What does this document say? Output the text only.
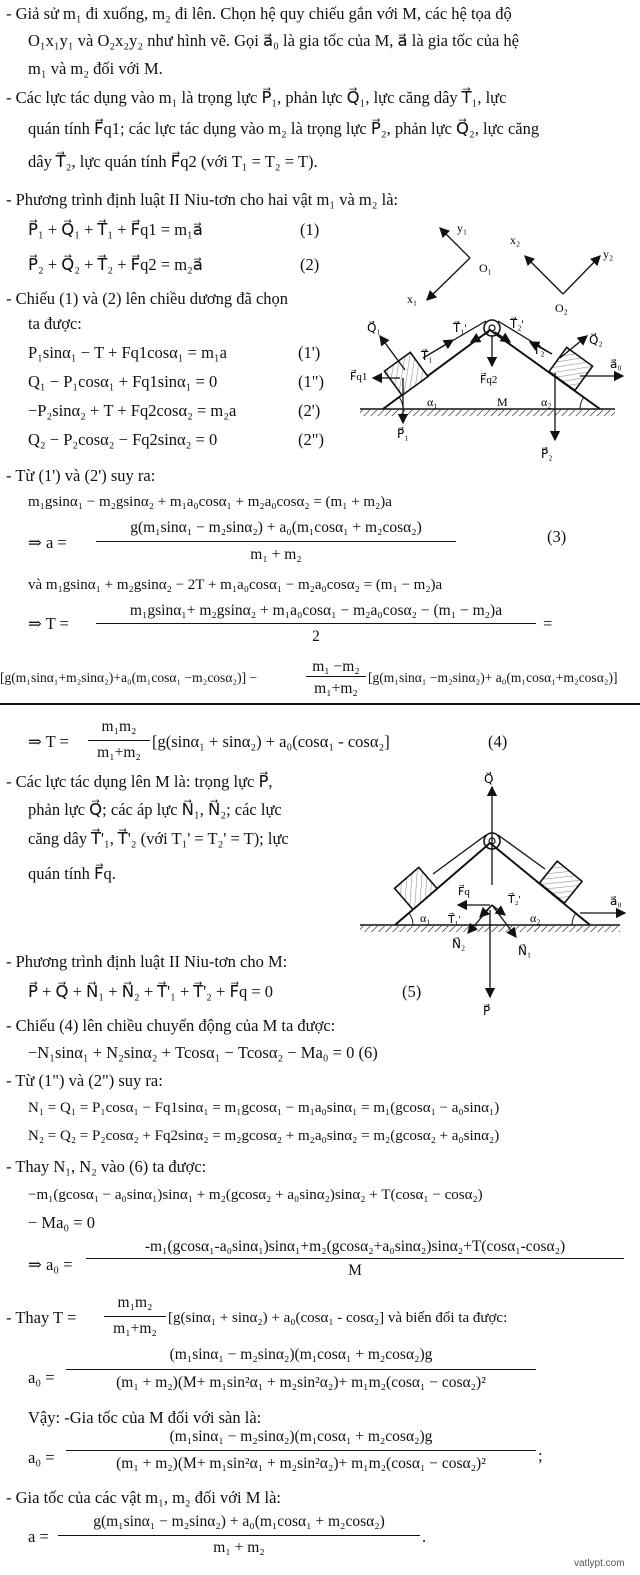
- Giả sử m₁ đi xuống, m₂ đi lên. Chọn hệ quy chiếu gắn với M, các hệ tọa độ
O₁x₁y₁ và O₂x₂y₂ như hình vẽ. Gọi a⃗₀ là gia tốc của M, a⃗ là gia tốc của hệ
m₁ và m₂ đối với M.
- Các lực tác dụng vào m₁ là trọng lực P⃗₁, phản lực Q⃗₁, lực căng dây T⃗₁, lực
quán tính F⃗q1; các lực tác dụng vào m₂ là trọng lực P⃗₂, phản lực Q⃗₂, lực căng
dây T⃗₂, lực quán tính F⃗q2 (với T₁ = T₂ = T).
- Phương trình định luật II Niu-tơn cho hai vật m₁ và m₂ là:
P⃗₁ + Q⃗₁ + T⃗₁ + F⃗q1 = m₁a⃗	(1)
P⃗₂ + Q⃗₂ + T⃗₂ + F⃗q2 = m₂a⃗	(2)
- Chiếu (1) và (2) lên chiều dương đã chọn
ta được:
P₁sinα₁ − T + Fq1cosα₁ = m₁a	(1')
Q₁ − P₁cosα₁ + Fq1sinα₁ = 0	(1")
−P₂sinα₂ + T + Fq2cosα₂ = m₂a	(2')
Q₂ − P₂cosα₂ − Fq2sinα₂ = 0	(2")
y₁
x₁
O₁
x₂
y₂
O₂
Q⃗₁	T⃗₁'	T⃗₂'
Q⃗₂
T⃗₁	T⃗₂
F⃗q1	F⃗q2
α₁	M	α₂
a⃗₀
P⃗₁
P⃗₂
- Từ (1') và (2') suy ra:
m₁gsinα₁ − m₂gsinα₂ + m₁a₀cosα₁ + m₂a₀cosα₂ = (m₁ + m₂)a
⇒ a =
g(m₁sinα₁ − m₂sinα₂) + a₀(m₁cosα₁ + m₂cosα₂)
m₁ + m₂
(3)
và m₁gsinα₁ + m₂gsinα₂ − 2T + m₁a₀cosα₁ − m₂a₀cosα₂ = (m₁ − m₂)a
⇒ T =
m₁gsinα₁+ m₂gsinα₂ + m₁a₀cosα₁ − m₂a₀cosα₂ − (m₁ − m₂)a
2
=
[g(m₁sinα₁+m₂sinα₂)+a₀(m₁cosα₁ −m₂cosα₂)] −
m₁ −m₂
m₁+m₂
[g(m₁sinα₁ −m₂sinα₂)+ a₀(m₁cosα₁+m₂cosα₂)]
⇒ T =
m₁m₂
m₁+m₂
[g(sinα₁ + sinα₂) + a₀(cosα₁ - cosα₂]	(4)
- Các lực tác dụng lên M là: trọng lực P⃗,
phản lực Q⃗; các áp lực N⃗₁, N⃗₂; các lực
căng dây T⃗'₁, T⃗'₂ (với T₁' = T₂' = T); lực
quán tính F⃗q.
Q⃗
F⃗q
T⃗₁'
T⃗₂'
α₁	α₂
N⃗₂	N⃗₁
a⃗₀
P⃗
- Phương trình định luật II Niu-tơn cho M:
P⃗ + Q⃗ + N⃗₁ + N⃗₂ + T⃗'₁ + T⃗'₂ + F⃗q = 0	(5)
- Chiếu (4) lên chiều chuyển động của M ta được:
−N₁sinα₁ + N₂sinα₂ + Tcosα₁ − Tcosα₂ − Ma₀ = 0 (6)
- Từ (1") và (2") suy ra:
N₁ = Q₁ = P₁cosα₁ − Fq1sinα₁ = m₁gcosα₁ − m₁a₀sinα₁ = m₁(gcosα₁ − a₀sinα₁)
N₂ = Q₂ = P₂cosα₂ + Fq2sinα₂ = m₂gcosα₂ + m₂a₀sinα₂ = m₂(gcosα₂ + a₀sinα₂)
- Thay N₁, N₂ vào (6) ta được:
−m₁(gcosα₁ − a₀sinα₁)sinα₁ + m₂(gcosα₂ + a₀sinα₂)sinα₂ + T(cosα₁ − cosα₂)
− Ma₀ = 0
⇒ a₀ =
-m₁(gcosα₁-a₀sinα₁)sinα₁+m₂(gcosα₂+a₀sinα₂)sinα₂+T(cosα₁-cosα₂)
M
- Thay T =
m₁m₂
m₁+m₂
[g(sinα₁ + sinα₂) + a₀(cosα₁ - cosα₂] và biến đổi ta được:
a₀ =
(m₁sinα₁ − m₂sinα₂)(m₁cosα₁ + m₂cosα₂)g
(m₁ + m₂)(M+ m₁sin²α₁ + m₂sin²α₂)+ m₁m₂(cosα₁ − cosα₂)²
Vậy: -Gia tốc của M đối với sàn là:
a₀ =
(m₁sinα₁ − m₂sinα₂)(m₁cosα₁ + m₂cosα₂)g
(m₁ + m₂)(M+ m₁sin²α₁ + m₂sin²α₂)+ m₁m₂(cosα₁ − cosα₂)²	;
- Gia tốc của các vật m₁, m₂ đối với M là:
a =
g(m₁sinα₁ − m₂sinα₂) + a₀(m₁cosα₁ + m₂cosα₂)
m₁ + m₂
.
vatlypt.com
